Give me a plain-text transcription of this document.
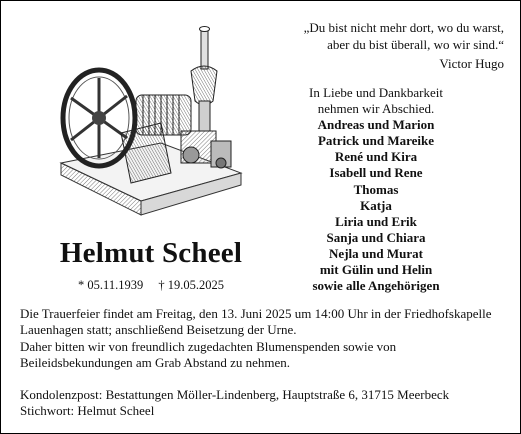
„Du bist nicht mehr dort, wo du warst,
aber du bist überall, wo wir sind.“
Victor Hugo
Helmut Scheel
* 05.11.1939 † 19.05.2025
In Liebe und Dankbarkeit
nehmen wir Abschied.
Andreas und Marion
Patrick und Mareike
René und Kira
Isabell und Rene
Thomas
Katja
Liria und Erik
Sanja und Chiara
Nejla und Murat
mit Gülin und Helin
sowie alle Angehörigen
Die Trauerfeier findet am Freitag, den 13. Juni 2025 um 14:00 Uhr in der Friedhofskapelle
Lauenhagen statt; anschließend Beisetzung der Urne.
Daher bitten wir von freundlich zugedachten Blumenspenden sowie von
Beileidsbekundungen am Grab Abstand zu nehmen.
Kondolenzpost: Bestattungen Möller-Lindenberg, Hauptstraße 6, 31715 Meerbeck
Stichwort: Helmut Scheel
